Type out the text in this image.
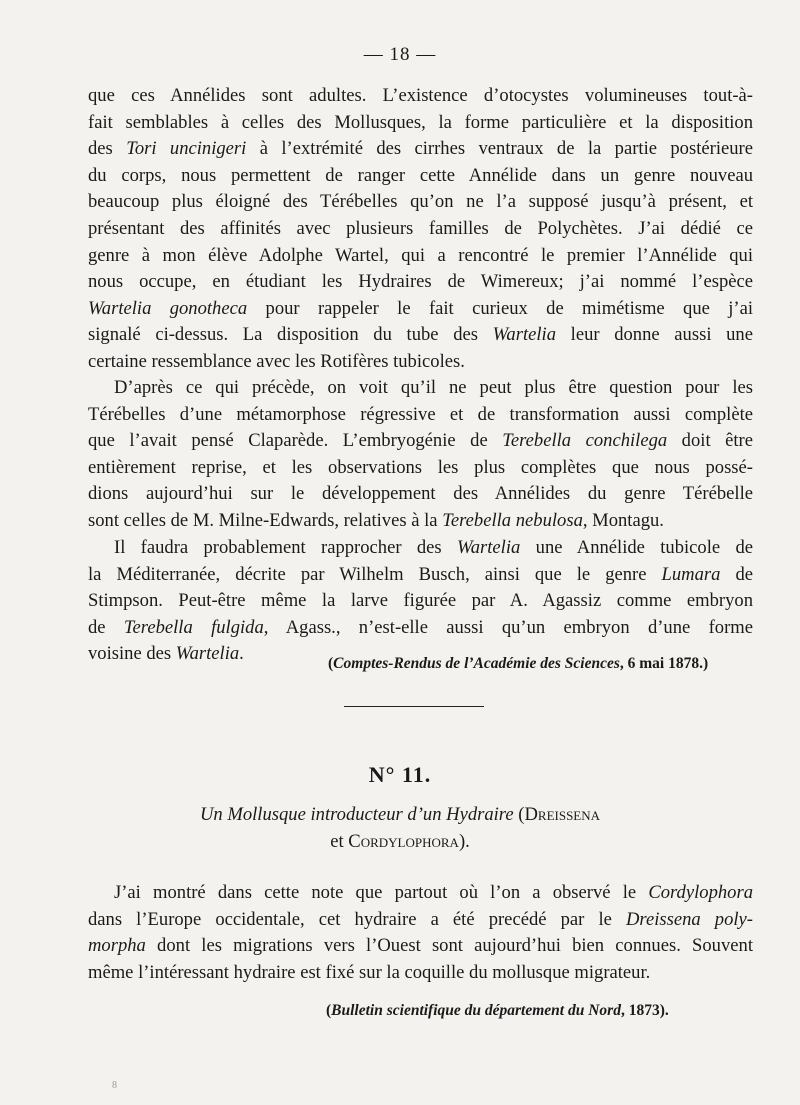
— 18 —
que ces Annélides sont adultes. L’existence d’otocystes volumineuses tout-à-
fait semblables à celles des Mollusques, la forme particulière et la disposition
des Tori uncinigeri à l’extrémité des cirrhes ventraux de la partie postérieure
du corps, nous permettent de ranger cette Annélide dans un genre nouveau
beaucoup plus éloigné des Térébelles qu’on ne l’a supposé jusqu’à présent, et
présentant des affinités avec plusieurs familles de Polychètes. J’ai dédié ce
genre à mon élève Adolphe Wartel, qui a rencontré le premier l’Annélide qui
nous occupe, en étudiant les Hydraires de Wimereux; j’ai nommé l’espèce
Wartelia gonotheca pour rappeler le fait curieux de mimétisme que j’ai
signalé ci-dessus. La disposition du tube des Wartelia leur donne aussi une
certaine ressemblance avec les Rotifères tubicoles.
D’après ce qui précède, on voit qu’il ne peut plus être question pour les
Térébelles d’une métamorphose régressive et de transformation aussi complète
que l’avait pensé Claparède. L’embryogénie de Terebella conchilega doit être
entièrement reprise, et les observations les plus complètes que nous possé-
dions aujourd’hui sur le développement des Annélides du genre Térébelle
sont celles de M. Milne-Edwards, relatives à la Terebella nebulosa, Montagu.
Il faudra probablement rapprocher des Wartelia une Annélide tubicole de
la Méditerranée, décrite par Wilhelm Busch, ainsi que le genre Lumara de
Stimpson. Peut-être même la larve figurée par A. Agassiz comme embryon
de Terebella fulgida, Agass., n’est-elle aussi qu’un embryon d’une forme
voisine des Wartelia.	(Comptes-Rendus de l’Académie des Sciences, 6 mai 1878.)
N° 11.
Un Mollusque introducteur d’un Hydraire (Dreissena
et Cordylophora).
J’ai montré dans cette note que partout où l’on a observé le Cordylophora
dans l’Europe occidentale, cet hydraire a été precédé par le Dreissena poly-
morpha dont les migrations vers l’Ouest sont aujourd’hui bien connues. Souvent
même l’intéressant hydraire est fixé sur la coquille du mollusque migrateur.
(Bulletin scientifique du département du Nord, 1873).
8
